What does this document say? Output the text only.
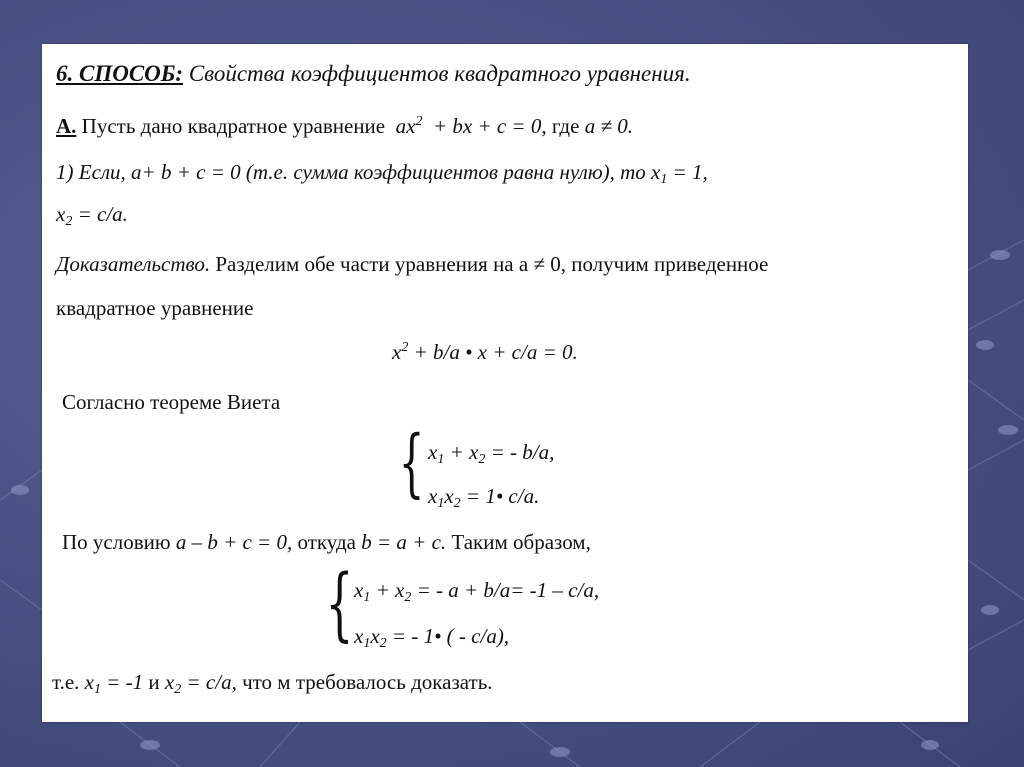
6. СПОСОБ: Свойства коэффициентов квадратного уравнения.
А. Пусть дано квадратное уравнение $ax^2$ + bx + c = 0, где a ≠ 0.
1) Если, a+ b + c = 0 (т.е. сумма коэффициентов равна нулю), то $x_1 = 1$,
$x_2 = c/a$.
Доказательство. Разделим обе части уравнения на а ≠ 0, получим приведенное
квадратное уравнение
$x^2 + b/a$ • x + c/a = 0.
Согласно теореме Виета
{ $x_1 + x_2$ = - b/a,
$x_1x_2$ = 1• c/a.
По условию a – b + c = 0, откуда b = a + c. Таким образом,
{ $x_1 + x_2$ = - a + b/a= -1 – c/a,
$x_1x_2$ = - 1• ( - c/a),
т.е. $x_1 = -1$ и $x_2 = c/a$, что м требовалось доказать.
